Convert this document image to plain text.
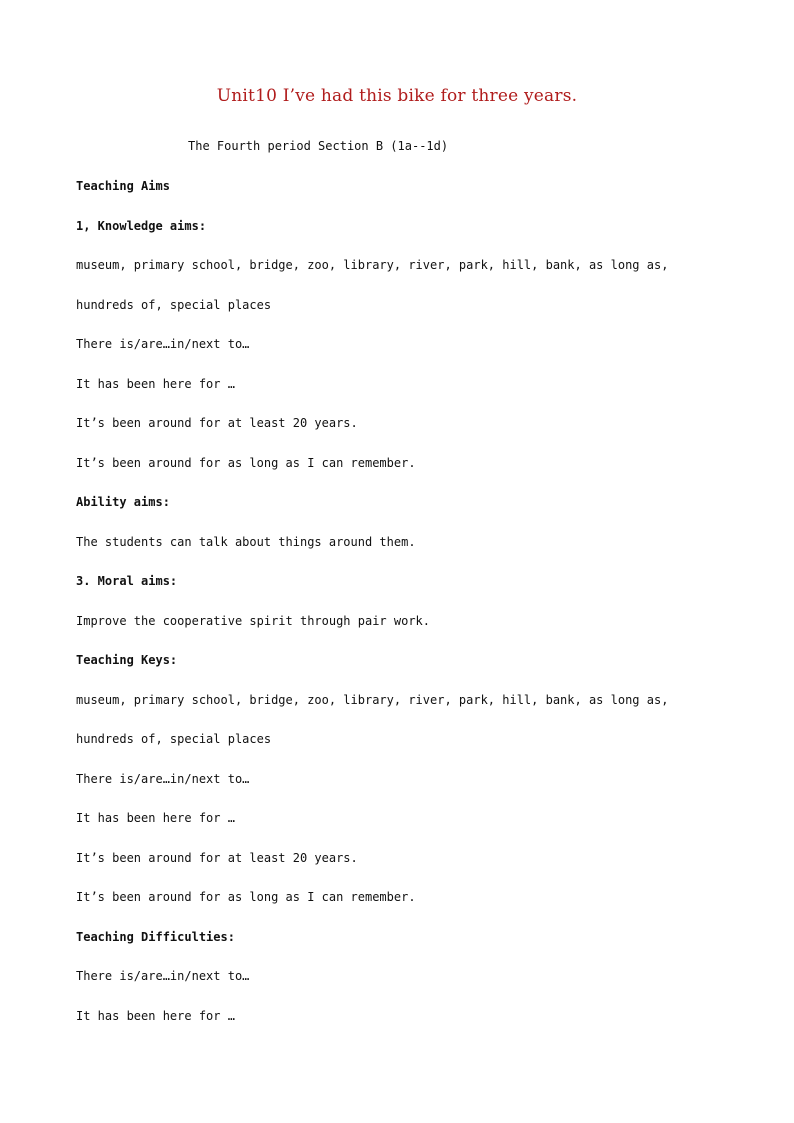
Unit10 I’ve had this bike for three years.
The Fourth period Section B (1a--1d)
Teaching Aims
1, Knowledge aims:
museum, primary school, bridge, zoo, library, river, park, hill, bank, as long as,
hundreds of, special places
There is/are…in/next to…
It has been here for …
It’s been around for at least 20 years.
It’s been around for as long as I can remember.
Ability aims:
The students can talk about things around them.
3. Moral aims:
Improve the cooperative spirit through pair work.
Teaching Keys:
museum, primary school, bridge, zoo, library, river, park, hill, bank, as long as,
hundreds of, special places
There is/are…in/next to…
It has been here for …
It’s been around for at least 20 years.
It’s been around for as long as I can remember.
Teaching Difficulties:
There is/are…in/next to…
It has been here for …
